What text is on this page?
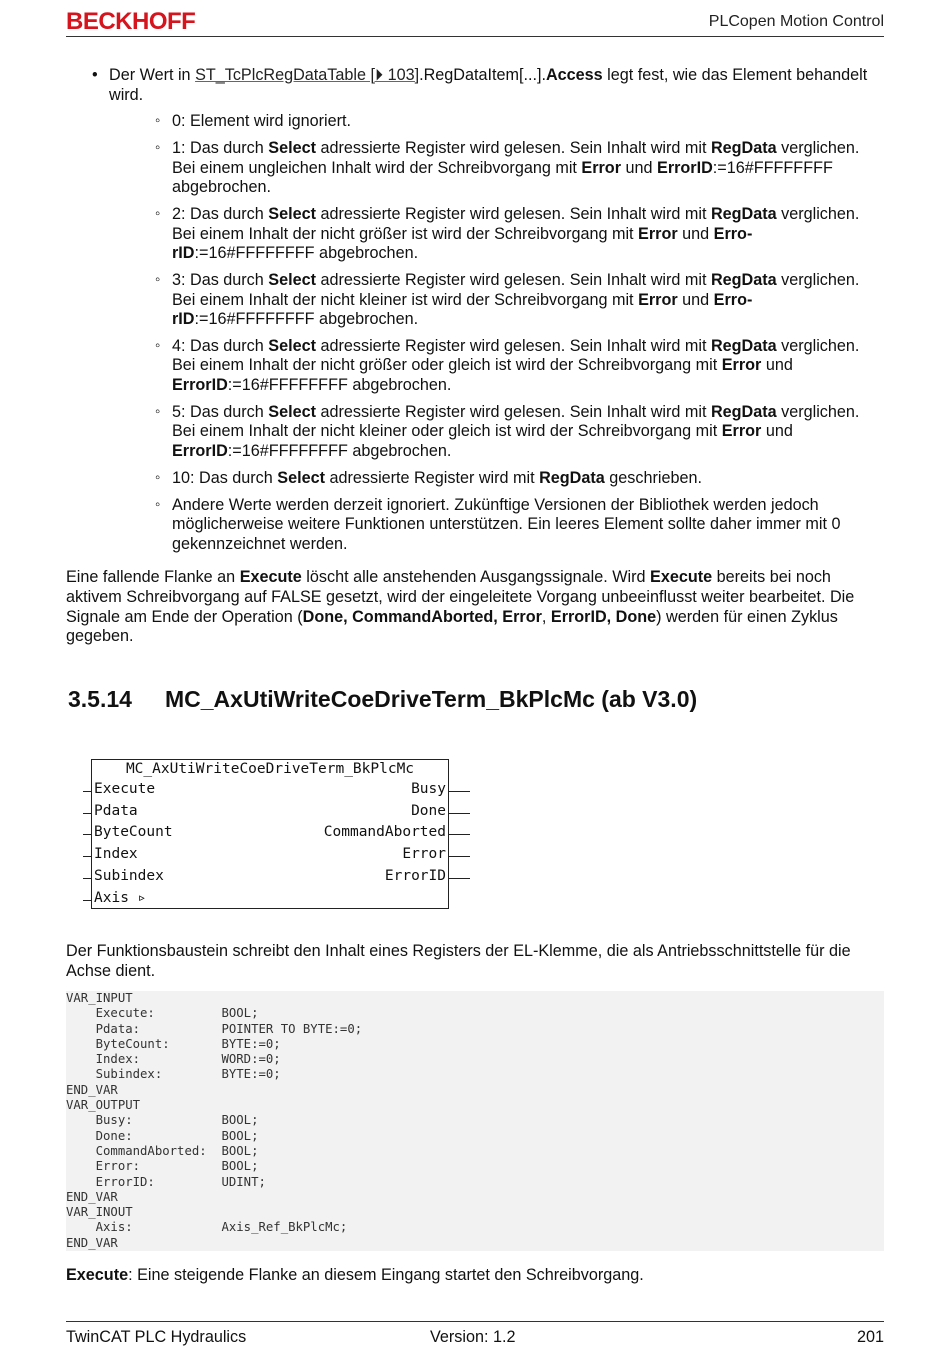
BECKHOFF	PLCopen Motion Control

• Der Wert in ST_TcPlcRegDataTable [⏵ 103].RegDataItem[...].Access legt fest, wie das Element behandelt wird.

◦ 0: Element wird ignoriert.
◦ 1: Das durch Select adressierte Register wird gelesen. Sein Inhalt wird mit RegData verglichen. Bei einem ungleichen Inhalt wird der Schreibvorgang mit Error und ErrorID:=16#FFFFFFFF abgebrochen.
◦ 2: Das durch Select adressierte Register wird gelesen. Sein Inhalt wird mit RegData verglichen. Bei einem Inhalt der nicht größer ist wird der Schreibvorgang mit Error und ErrorID:=16#FFFFFFFF abgebrochen.
◦ 3: Das durch Select adressierte Register wird gelesen. Sein Inhalt wird mit RegData verglichen. Bei einem Inhalt der nicht kleiner ist wird der Schreibvorgang mit Error und ErrorID:=16#FFFFFFFF abgebrochen.
◦ 4: Das durch Select adressierte Register wird gelesen. Sein Inhalt wird mit RegData verglichen. Bei einem Inhalt der nicht größer oder gleich ist wird der Schreibvorgang mit Error und ErrorID:=16#FFFFFFFF abgebrochen.
◦ 5: Das durch Select adressierte Register wird gelesen. Sein Inhalt wird mit RegData verglichen. Bei einem Inhalt der nicht kleiner oder gleich ist wird der Schreibvorgang mit Error und ErrorID:=16#FFFFFFFF abgebrochen.
◦ 10: Das durch Select adressierte Register wird mit RegData geschrieben.
◦ Andere Werte werden derzeit ignoriert. Zukünftige Versionen der Bibliothek werden jedoch möglicherweise weitere Funktionen unterstützen. Ein leeres Element sollte daher immer mit 0 gekennzeichnet werden.

Eine fallende Flanke an Execute löscht alle anstehenden Ausgangssignale. Wird Execute bereits bei noch aktivem Schreibvorgang auf FALSE gesetzt, wird der eingeleitete Vorgang unbeeinflusst weiter bearbeitet. Die Signale am Ende der Operation (Done, CommandAborted, Error, ErrorID, Done) werden für einen Zyklus gegeben.

3.5.14 MC_AxUtiWriteCoeDriveTerm_BkPlcMc (ab V3.0)
MC_AxUtiWriteCoeDriveTerm_BkPlcMc
Execute
Pdata
ByteCount
Index
Subindex
Axis ▹
Busy
Done
CommandAborted
Error
ErrorID

Der Funktionsbaustein schreibt den Inhalt eines Registers der EL-Klemme, die als Antriebsschnittstelle für die Achse dient.

VAR_INPUT
Execute:         BOOL;
Pdata:           POINTER TO BYTE:=0;
ByteCount:       BYTE:=0;
Index:           WORD:=0;
Subindex:        BYTE:=0;
END_VAR
VAR_OUTPUT
Busy:            BOOL;
Done:            BOOL;
CommandAborted:  BOOL;
Error:           BOOL;
ErrorID:         UDINT;
END_VAR
VAR_INOUT
Axis:            Axis_Ref_BkPlcMc;
END_VAR

Execute: Eine steigende Flanke an diesem Eingang startet den Schreibvorgang.

TwinCAT PLC Hydraulics	Version: 1.2	201
